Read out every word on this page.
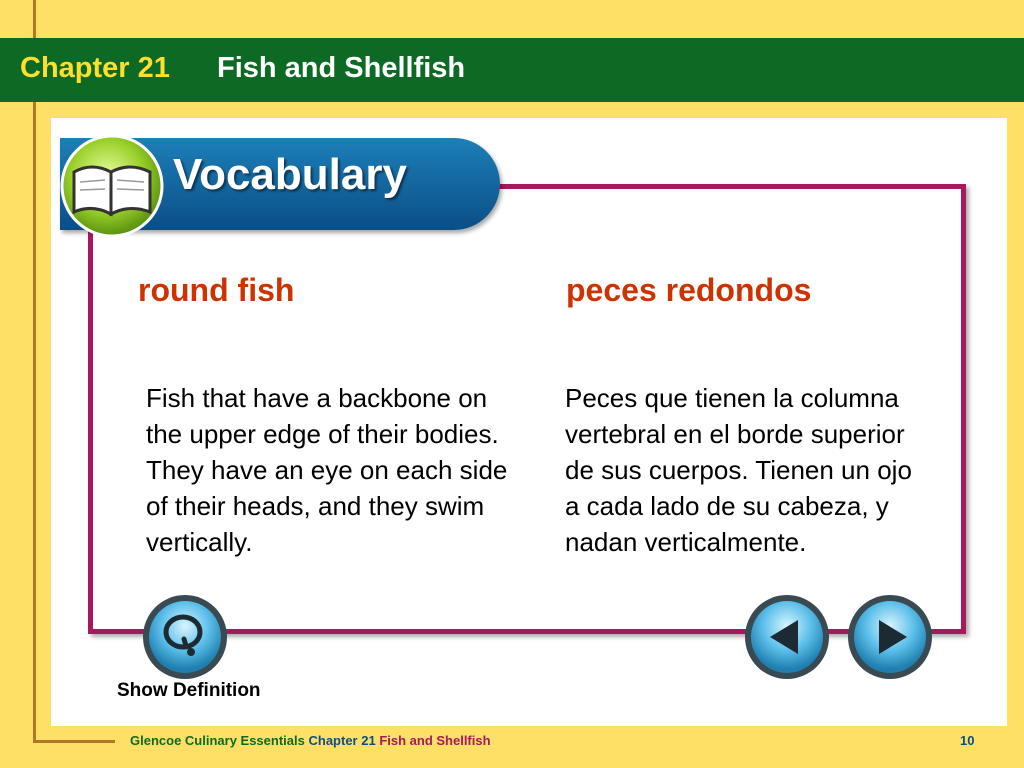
Chapter 21 Fish and Shellfish
Vocabulary
round fish	peces redondos
Fish that have a backbone on the upper edge of their bodies. They have an eye on each side of their heads, and they swim vertically.
Peces que tienen la columna vertebral en el borde superior de sus cuerpos. Tienen un ojo a cada lado de su cabeza, y nadan verticalmente.
Show Definition
Glencoe Culinary Essentials Chapter 21 Fish and Shellfish	10
